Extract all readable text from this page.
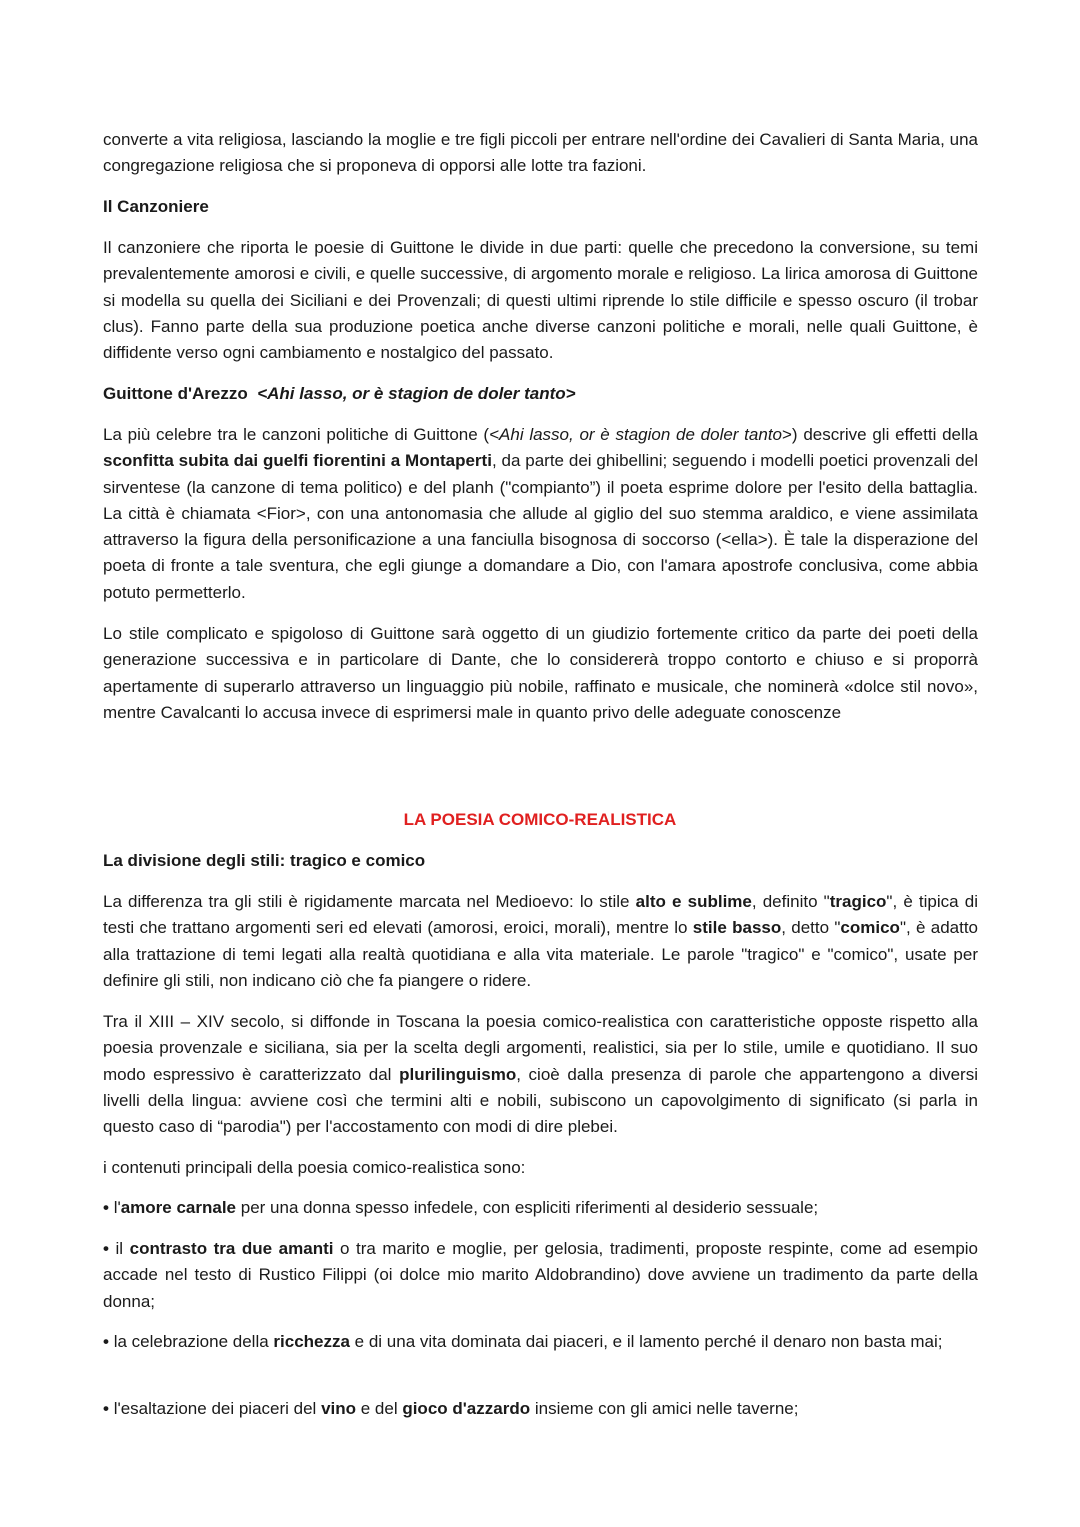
converte a vita religiosa, lasciando la moglie e tre figli piccoli per entrare nell'ordine dei Cavalieri di Santa Maria, una congregazione religiosa che si proponeva di opporsi alle lotte tra fazioni.

Il Canzoniere

Il canzoniere che riporta le poesie di Guittone le divide in due parti: quelle che precedono la conversione, su temi prevalentemente amorosi e civili, e quelle successive, di argomento morale e religioso. La lirica amorosa di Guittone si modella su quella dei Siciliani e dei Provenzali; di questi ultimi riprende lo stile difficile e spesso oscuro (il trobar clus). Fanno parte della sua produzione poetica anche diverse canzoni politiche e morali, nelle quali Guittone, è diffidente verso ogni cambiamento e nostalgico del passato.

Guittone d'Arezzo <Ahi lasso, or è stagion de doler tanto>

La più celebre tra le canzoni politiche di Guittone (<Ahi lasso, or è stagion de doler tanto>) descrive gli effetti della sconfitta subita dai guelfi fiorentini a Montaperti, da parte dei ghibellini; seguendo i modelli poetici provenzali del sirventese (la canzone di tema politico) e del planh ("compianto”) il poeta esprime dolore per l'esito della battaglia. La città è chiamata <Fior>, con una antonomasia che allude al giglio del suo stemma araldico, e viene assimilata attraverso la figura della personificazione a una fanciulla bisognosa di soccorso (<ella>). È tale la disperazione del poeta di fronte a tale sventura, che egli giunge a domandare a Dio, con l'amara apostrofe conclusiva, come abbia potuto permetterlo.

Lo stile complicato e spigoloso di Guittone sarà oggetto di un giudizio fortemente critico da parte dei poeti della generazione successiva e in particolare di Dante, che lo considererà troppo contorto e chiuso e si proporrà apertamente di superarlo attraverso un linguaggio più nobile, raffinato e musicale, che nominerà «dolce stil novo», mentre Cavalcanti lo accusa invece di esprimersi male in quanto privo delle adeguate conoscenze

LA POESIA COMICO-REALISTICA

La divisione degli stili: tragico e comico

La differenza tra gli stili è rigidamente marcata nel Medioevo: lo stile alto e sublime, definito "tragico", è tipica di testi che trattano argomenti seri ed elevati (amorosi, eroici, morali), mentre lo stile basso, detto "comico", è adatto alla trattazione di temi legati alla realtà quotidiana e alla vita materiale. Le parole "tragico" e "comico", usate per definire gli stili, non indicano ciò che fa piangere o ridere.

Tra il XIII – XIV secolo, si diffonde in Toscana la poesia comico-realistica con caratteristiche opposte rispetto alla poesia provenzale e siciliana, sia per la scelta degli argomenti, realistici, sia per lo stile, umile e quotidiano. Il suo modo espressivo è caratterizzato dal plurilinguismo, cioè dalla presenza di parole che appartengono a diversi livelli della lingua: avviene così che termini alti e nobili, subiscono un capovolgimento di significato (si parla in questo caso di “parodia") per l'accostamento con modi di dire plebei.

i contenuti principali della poesia comico-realistica sono:

• l'amore carnale per una donna spesso infedele, con espliciti riferimenti al desiderio sessuale;

• il contrasto tra due amanti o tra marito e moglie, per gelosia, tradimenti, proposte respinte, come ad esempio accade nel testo di Rustico Filippi (oi dolce mio marito Aldobrandino) dove avviene un tradimento da parte della donna;

• la celebrazione della ricchezza e di una vita dominata dai piaceri, e il lamento perché il denaro non basta mai;

• l'esaltazione dei piaceri del vino e del gioco d'azzardo insieme con gli amici nelle taverne;
